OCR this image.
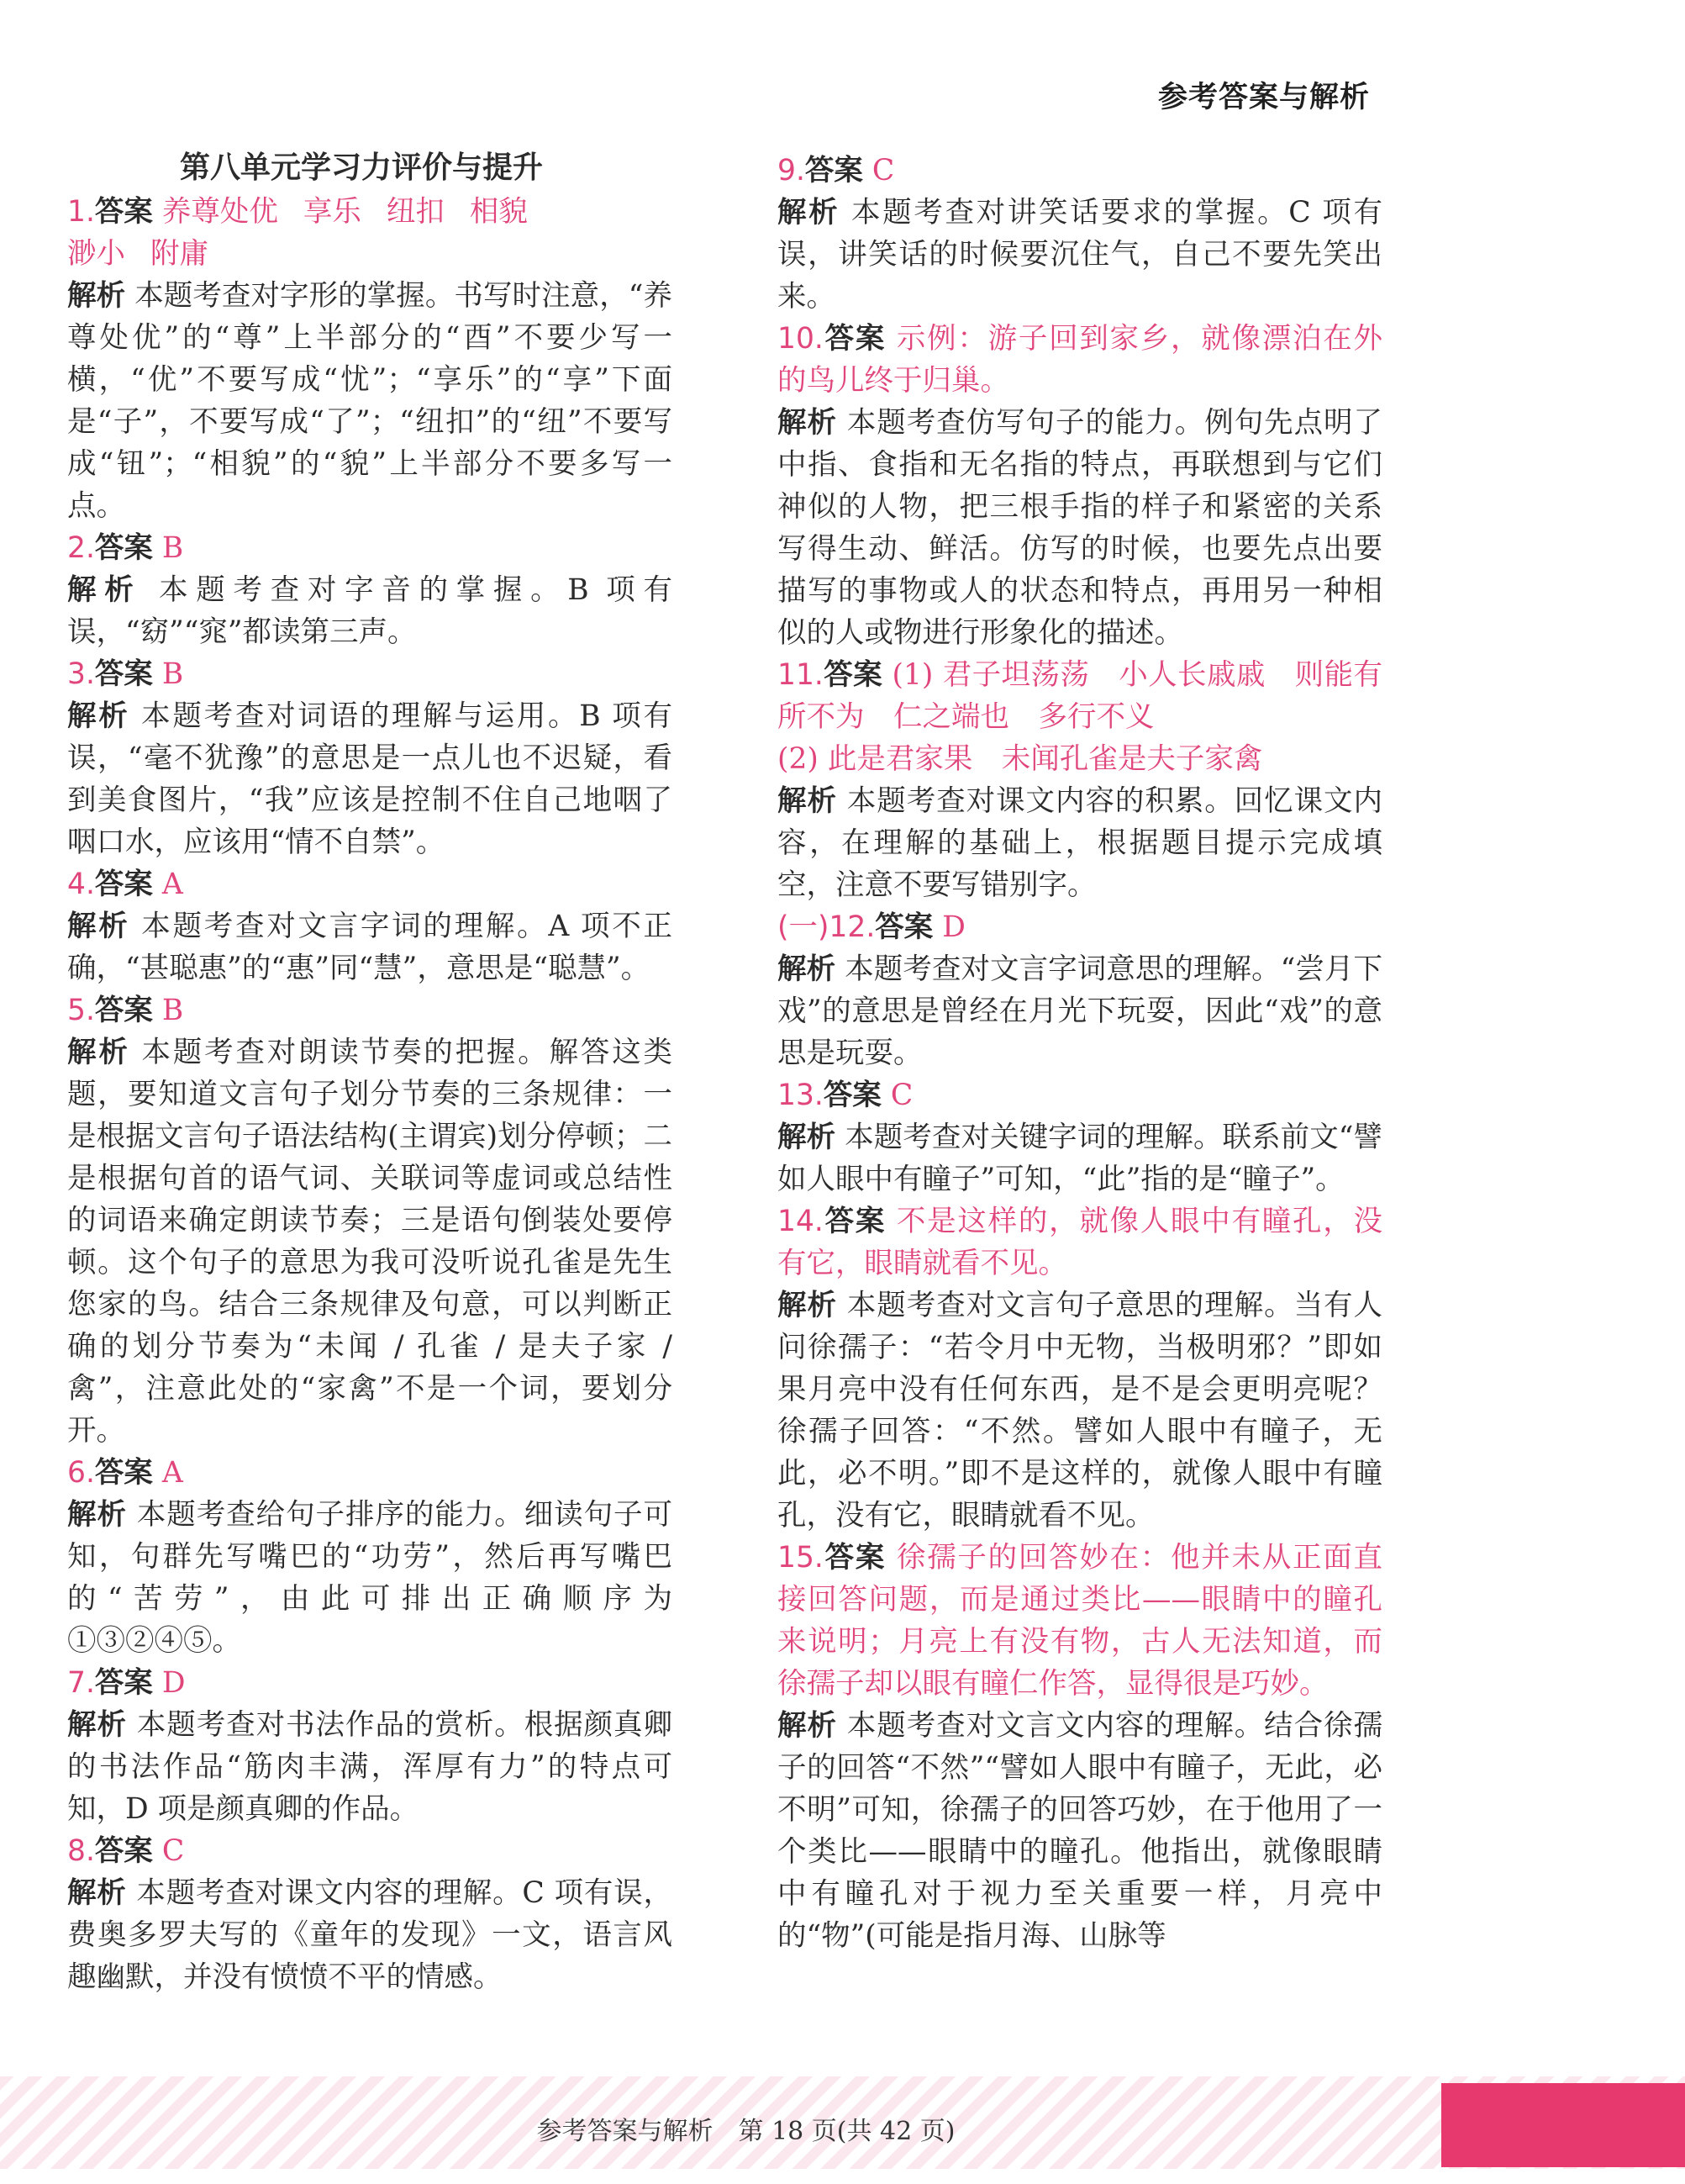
参考答案与解析
第八单元学习力评价与提升

1.答案 养尊处优 享乐 纽扣 相貌
渺小 附庸

解析 本题考查对字形的掌握。书写时注意，“养尊处优”的“尊”上半部分的“酉”不要少写一横，“优”不要写成“忧”；“享乐”的“享”下面是“子”，不要写成“了”；“纽扣”的“纽”不要写成“钮”；“相貌”的“貌”上半部分不要多写一点。

2.答案 B

解析 本题考查对字音的掌握。B 项有误，“窈”“窕”都读第三声。

3.答案 B

解析 本题考查对词语的理解与运用。B 项有误，“毫不犹豫”的意思是一点儿也不迟疑，看到美食图片，“我”应该是控制不住自己地咽了咽口水，应该用“情不自禁”。

4.答案 A

解析 本题考查对文言字词的理解。A 项不正确，“甚聪惠”的“惠”同“慧”，意思是“聪慧”。

5.答案 B

解析 本题考查对朗读节奏的把握。解答这类题，要知道文言句子划分节奏的三条规律：一是根据文言句子语法结构(主谓宾)划分停顿；二是根据句首的语气词、关联词等虚词或总结性的词语来确定朗读节奏；三是语句倒装处要停顿。这个句子的意思为我可没听说孔雀是先生您家的鸟。结合三条规律及句意，可以判断正确的划分节奏为“未闻 / 孔雀 / 是夫子家 / 禽”，注意此处的“家禽”不是一个词，要划分开。

6.答案 A

解析 本题考查给句子排序的能力。细读句子可知，句群先写嘴巴的“功劳”，然后再写嘴巴的“苦劳”，由此可排出正确顺序为①③②④⑤。

7.答案 D

解析 本题考查对书法作品的赏析。根据颜真卿的书法作品“筋肉丰满，浑厚有力”的特点可知，D 项是颜真卿的作品。

8.答案 C

解析 本题考查对课文内容的理解。C 项有误，费奥多罗夫写的《童年的发现》一文，语言风趣幽默，并没有愤愤不平的情感。

9.答案 C

解析 本题考查对讲笑话要求的掌握。C 项有误，讲笑话的时候要沉住气，自己不要先笑出来。

10.答案 示例：游子回到家乡，就像漂泊在外的鸟儿终于归巢。

解析 本题考查仿写句子的能力。例句先点明了中指、食指和无名指的特点，再联想到与它们神似的人物，把三根手指的样子和紧密的关系写得生动、鲜活。仿写的时候，也要先点出要描写的事物或人的状态和特点，再用另一种相似的人或物进行形象化的描述。

11.答案 (1) 君子坦荡荡　小人长戚戚　则能有所不为　仁之端也　多行不义
(2) 此是君家果　未闻孔雀是夫子家禽

解析 本题考查对课文内容的积累。回忆课文内容，在理解的基础上，根据题目提示完成填空，注意不要写错别字。

(一)12.答案 D

解析 本题考查对文言字词意思的理解。“尝月下戏”的意思是曾经在月光下玩耍，因此“戏”的意思是玩耍。

13.答案 C

解析 本题考查对关键字词的理解。联系前文“譬如人眼中有瞳子”可知，“此”指的是“瞳子”。

14.答案 不是这样的，就像人眼中有瞳孔，没有它，眼睛就看不见。

解析 本题考查对文言句子意思的理解。当有人问徐孺子：“若令月中无物，当极明邪？”即如果月亮中没有任何东西，是不是会更明亮呢？徐孺子回答：“不然。譬如人眼中有瞳子，无此，必不明。”即不是这样的，就像人眼中有瞳孔，没有它，眼睛就看不见。

15.答案 徐孺子的回答妙在：他并未从正面直接回答问题，而是通过类比——眼睛中的瞳孔来说明；月亮上有没有物，古人无法知道，而徐孺子却以眼有瞳仁作答，显得很是巧妙。

解析 本题考查对文言文内容的理解。结合徐孺子的回答“不然”“譬如人眼中有瞳子，无此，必不明”可知，徐孺子的回答巧妙，在于他用了一个类比——眼睛中的瞳孔。他指出，就像眼睛中有瞳孔对于视力至关重要一样，月亮中的“物”(可能是指月海、山脉等

参考答案与解析　第 18 页(共 42 页)
